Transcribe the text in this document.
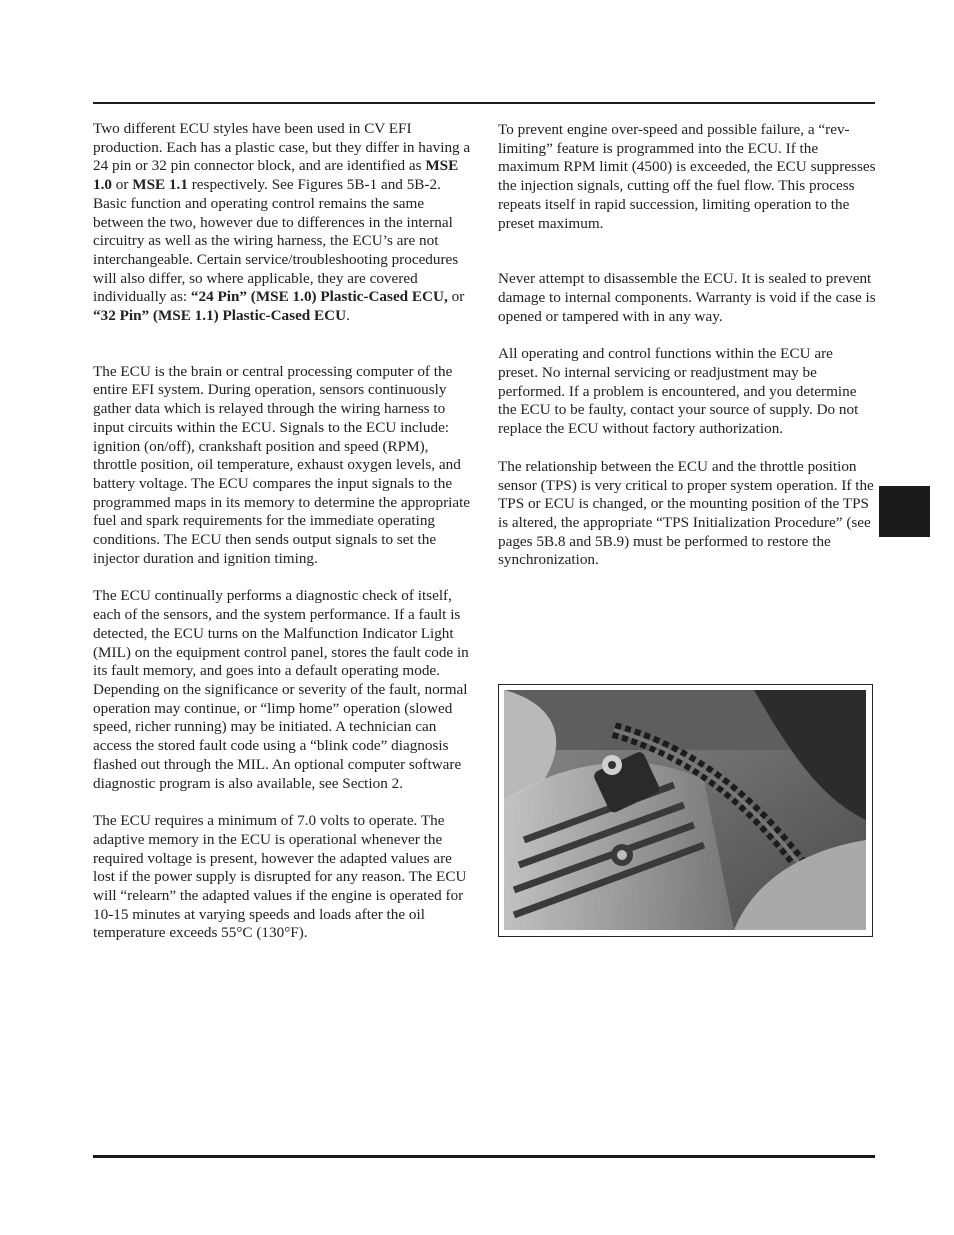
Two different ECU styles have been used in CV EFI production. Each has a plastic case, but they differ in having a 24 pin or 32 pin connector block, and are identified as MSE 1.0 or MSE 1.1 respectively. See Figures 5B-1 and 5B-2. Basic function and operating control remains the same between the two, however due to differences in the internal circuitry as well as the wiring harness, the ECU’s are not interchangeable. Certain service/troubleshooting procedures will also differ, so where applicable, they are covered individually as: “24 Pin” (MSE 1.0) Plastic-Cased ECU, or “32 Pin” (MSE 1.1) Plastic-Cased ECU.

The ECU is the brain or central processing computer of the entire EFI system. During operation, sensors continuously gather data which is relayed through the wiring harness to input circuits within the ECU. Signals to the ECU include: ignition (on/off), crankshaft position and speed (RPM), throttle position, oil temperature, exhaust oxygen levels, and battery voltage. The ECU compares the input signals to the programmed maps in its memory to determine the appropriate fuel and spark requirements for the immediate operating conditions. The ECU then sends output signals to set the injector duration and ignition timing.

The ECU continually performs a diagnostic check of itself, each of the sensors, and the system performance. If a fault is detected, the ECU turns on the Malfunction Indicator Light (MIL) on the equipment control panel, stores the fault code in its fault memory, and goes into a default operating mode. Depending on the significance or severity of the fault, normal operation may continue, or “limp home” operation (slowed speed, richer running) may be initiated. A technician can access the stored fault code using a “blink code” diagnosis flashed out through the MIL. An optional computer software diagnostic program is also available, see Section 2.

The ECU requires a minimum of 7.0 volts to operate. The adaptive memory in the ECU is operational whenever the required voltage is present, however the adapted values are lost if the power supply is disrupted for any reason. The ECU will “relearn” the adapted values if the engine is operated for 10-15 minutes at varying speeds and loads after the oil temperature exceeds 55°C (130°F).

To prevent engine over-speed and possible failure, a “rev-limiting” feature is programmed into the ECU. If the maximum RPM limit (4500) is exceeded, the ECU suppresses the injection signals, cutting off the fuel flow. This process repeats itself in rapid succession, limiting operation to the preset maximum.

Never attempt to disassemble the ECU. It is sealed to prevent damage to internal components. Warranty is void if the case is opened or tampered with in any way.

All operating and control functions within the ECU are preset. No internal servicing or readjustment may be performed. If a problem is encountered, and you determine the ECU to be faulty, contact your source of supply. Do not replace the ECU without factory authorization.

The relationship between the ECU and the throttle position sensor (TPS) is very critical to proper system operation. If the TPS or ECU is changed, or the mounting position of the TPS is altered, the appropriate “TPS Initialization Procedure” (see pages 5B.8 and 5B.9) must be performed to restore the synchronization.
